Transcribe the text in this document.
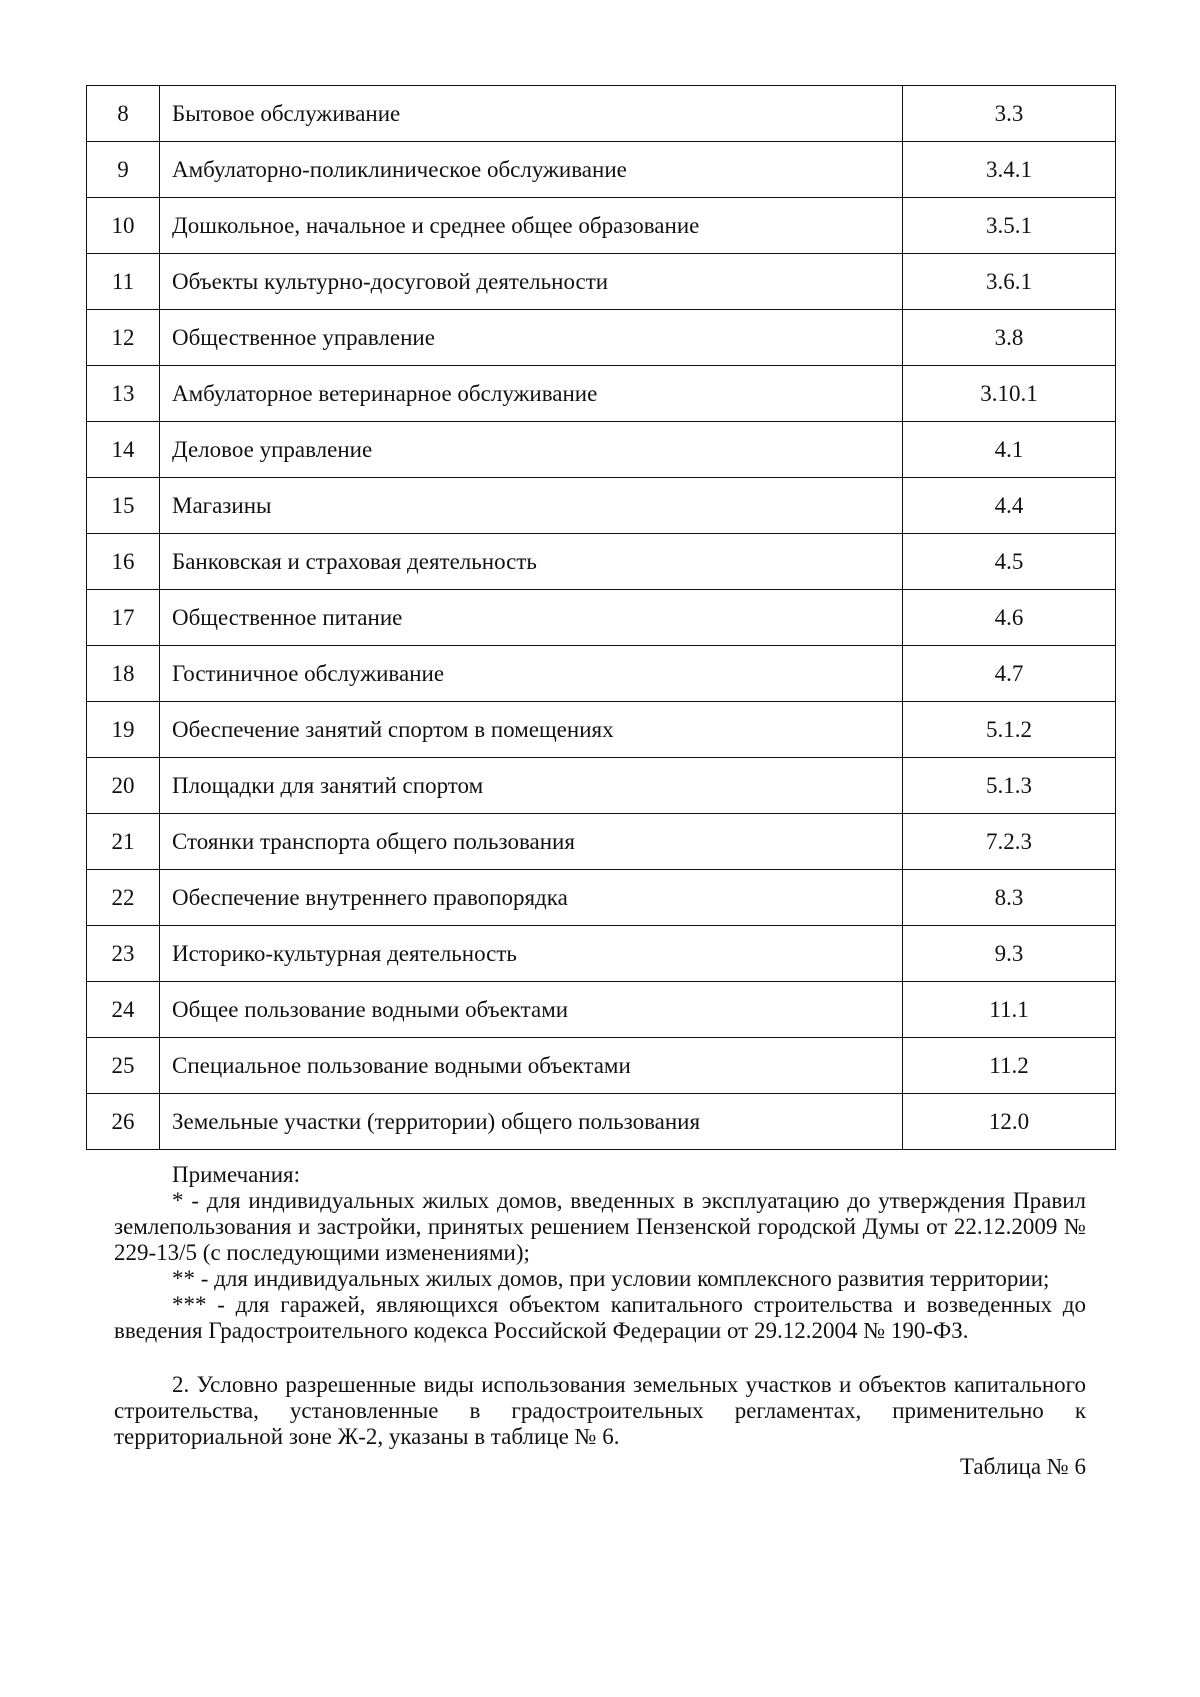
8	Бытовое обслуживание	3.3
9	Амбулаторно-поликлиническое обслуживание	3.4.1
10	Дошкольное, начальное и среднее общее образование	3.5.1
11	Объекты культурно-досуговой деятельности	3.6.1
12	Общественное управление	3.8
13	Амбулаторное ветеринарное обслуживание	3.10.1
14	Деловое управление	4.1
15	Магазины	4.4
16	Банковская и страховая деятельность	4.5
17	Общественное питание	4.6
18	Гостиничное обслуживание	4.7
19	Обеспечение занятий спортом в помещениях	5.1.2
20	Площадки для занятий спортом	5.1.3
21	Стоянки транспорта общего пользования	7.2.3
22	Обеспечение внутреннего правопорядка	8.3
23	Историко-культурная деятельность	9.3
24	Общее пользование водными объектами	11.1
25	Специальное пользование водными объектами	11.2
26	Земельные участки (территории) общего пользования	12.0

Примечания:

* - для индивидуальных жилых домов, введенных в эксплуатацию до утверждения Правил землепользования и застройки, принятых решением Пензенской городской Думы от 22.12.2009 № 229-13/5 (с последующими изменениями);

** - для индивидуальных жилых домов, при условии комплексного развития территории;

*** - для гаражей, являющихся объектом капитального строительства и возведенных до введения Градостроительного кодекса Российской Федерации от 29.12.2004 № 190-ФЗ.

2. Условно разрешенные виды использования земельных участков и объектов капитального строительства, установленные в градостроительных регламентах, применительно к территориальной зоне Ж-2, указаны в таблице № 6.

Таблица № 6
